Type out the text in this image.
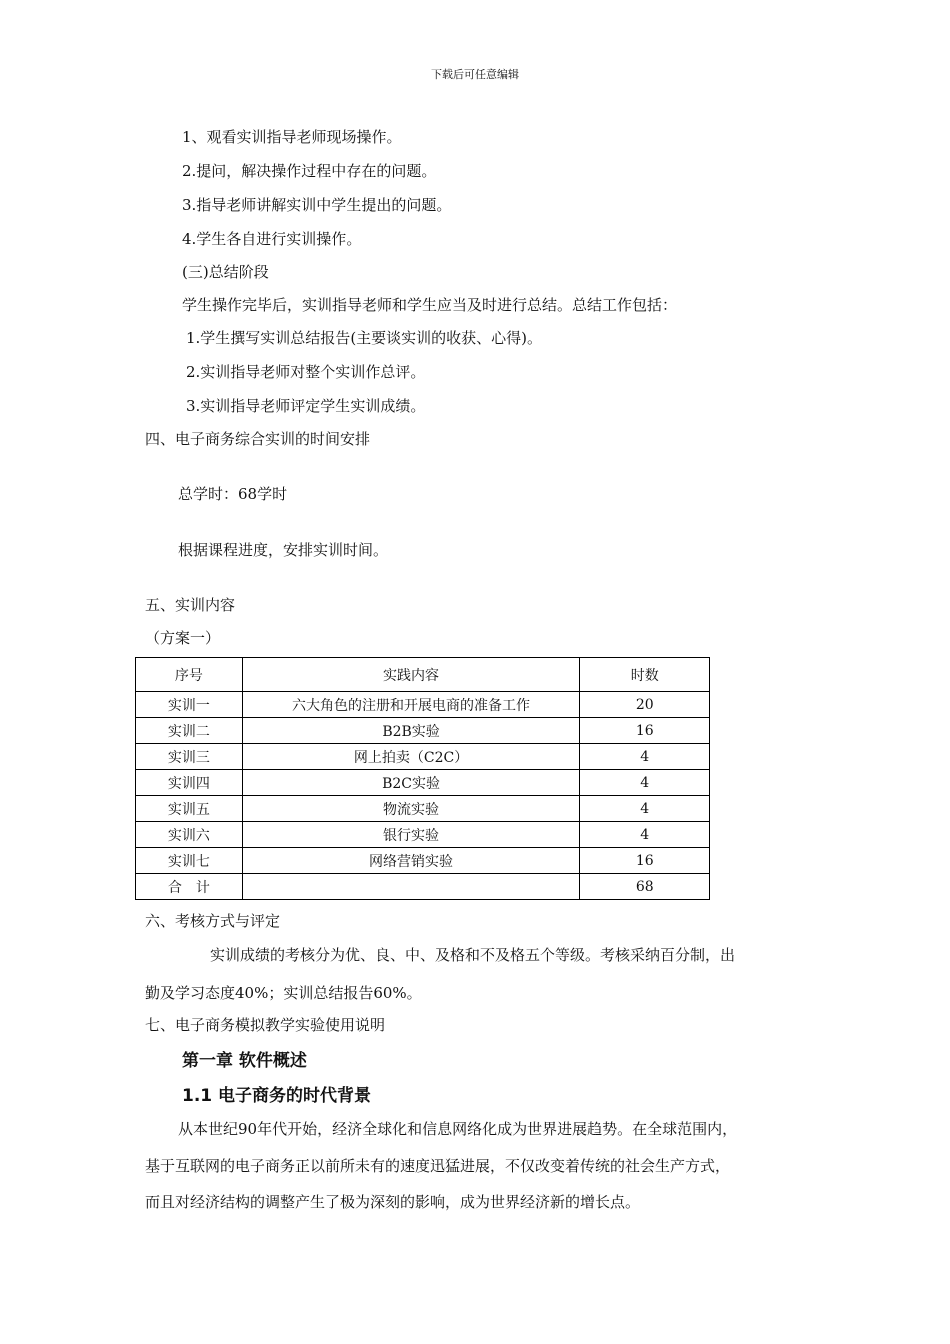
下载后可任意编辑
1、观看实训指导老师现场操作。
2.提问，解决操作过程中存在的问题。
3.指导老师讲解实训中学生提出的问题。
4.学生各自进行实训操作。
(三)总结阶段
学生操作完毕后，实训指导老师和学生应当及时进行总结。总结工作包括：
1.学生撰写实训总结报告(主要谈实训的收获、心得)。
2.实训指导老师对整个实训作总评。
3.实训指导老师评定学生实训成绩。
四、电子商务综合实训的时间安排
总学时：68学时
根据课程进度，安排实训时间。
五、实训内容
（方案一）
序号	实践内容	时数
实训一	六大角色的注册和开展电商的准备工作	20
实训二	B2B实验	16
实训三	网上拍卖（C2C）	4
实训四	B2C实验	4
实训五	物流实验	4
实训六	银行实验	4
实训七	网络营销实验	16
合　计		68
六、考核方式与评定
实训成绩的考核分为优、良、中、及格和不及格五个等级。考核采纳百分制，出
勤及学习态度40%；实训总结报告60%。
七、电子商务模拟教学实验使用说明
第一章 软件概述
1.1 电子商务的时代背景
从本世纪90年代开始，经济全球化和信息网络化成为世界进展趋势。在全球范围内，
基于互联网的电子商务正以前所未有的速度迅猛进展，不仅改变着传统的社会生产方式，
而且对经济结构的调整产生了极为深刻的影响，成为世界经济新的增长点。
